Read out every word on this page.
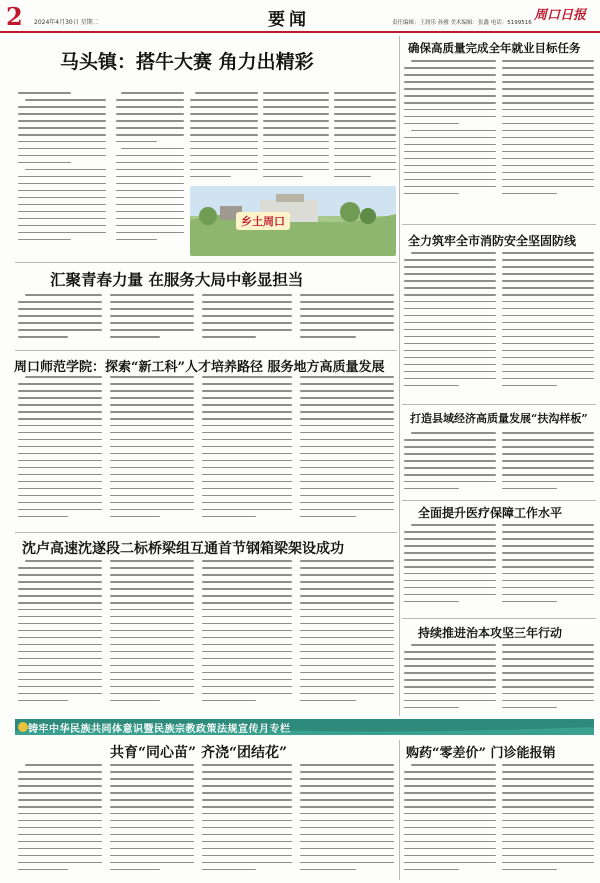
2 2024年4月30日 星期二	要闻	责任编辑：王润乐 孙雅 美术编辑：张鑫 电话：5199516 周口日报
马头镇：搭牛大赛 角力出精彩
乡土周口
确保高质量完成全年就业目标任务
全力筑牢全市消防安全坚固防线
打造县域经济高质量发展“扶沟样板”
全面提升医疗保障工作水平
持续推进治本攻坚三年行动
汇聚青春力量 在服务大局中彰显担当
周口师范学院：探索“新工科”人才培养路径 服务地方高质量发展
沈卢高速沈遂段二标桥梁组互通首节钢箱梁架设成功
铸牢中华民族共同体意识暨民族宗教政策法规宣传月专栏
共育“同心苗” 齐浇“团结花”	购药“零差价” 门诊能报销
